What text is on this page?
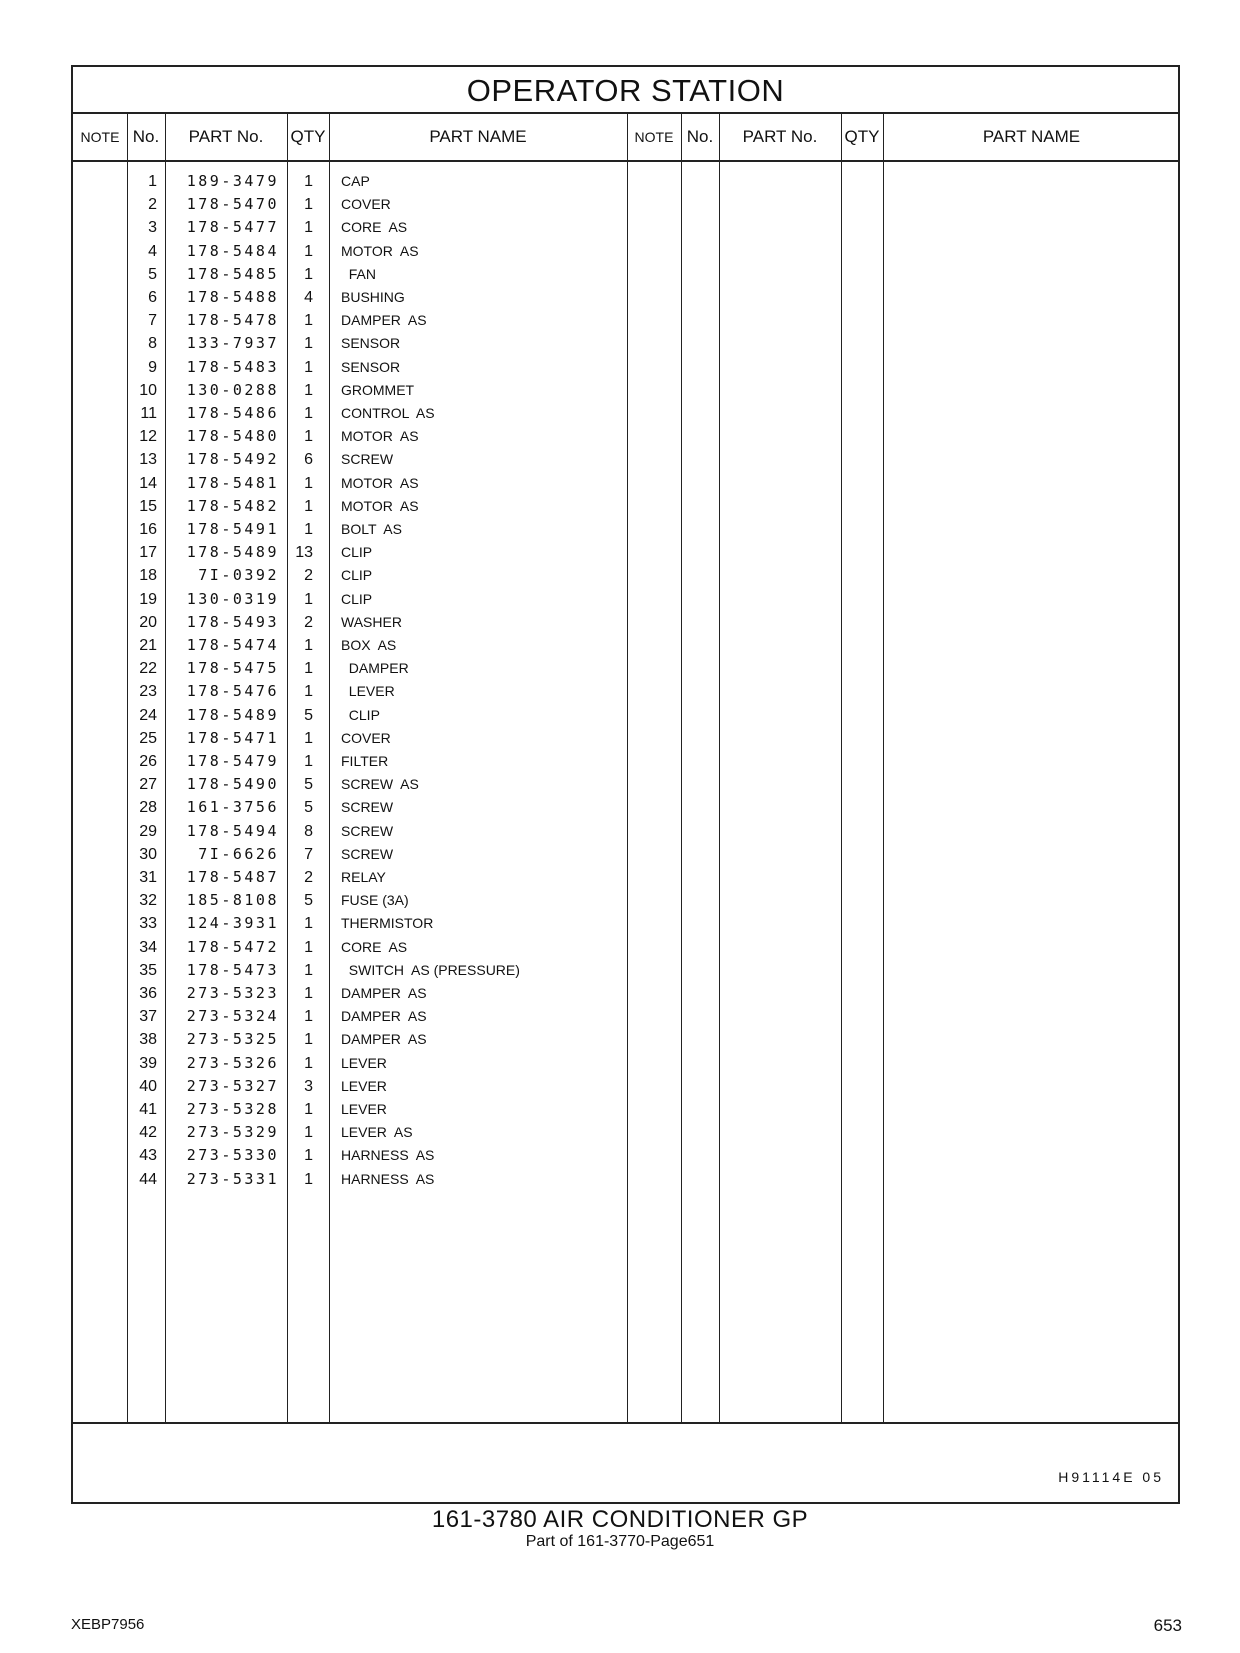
OPERATOR STATION
NOTE No.	PART No.	QTY	PART NAME	NOTE No.	PART No.	QTY	PART NAME
1	189-3479	1 CAP
2	178-5470	1 COVER
3	178-5477	1 CORE  AS
4	178-5484	1 MOTOR  AS
5	178-5485	1 FAN
6	178-5488	4 BUSHING
7	178-5478	1 DAMPER  AS
8	133-7937	1 SENSOR
9	178-5483	1 SENSOR
10	130-0288	1 GROMMET
11	178-5486	1 CONTROL  AS
12	178-5480	1 MOTOR  AS
13	178-5492	6 SCREW
14	178-5481	1 MOTOR  AS
15	178-5482	1 MOTOR  AS
16	178-5491	1 BOLT  AS
17	178-5489	13 CLIP
18	7I-0392	2 CLIP
19	130-0319	1 CLIP
20	178-5493	2 WASHER
21	178-5474	1 BOX  AS
22	178-5475	1 DAMPER
23	178-5476	1 LEVER
24	178-5489	5 CLIP
25	178-5471	1 COVER
26	178-5479	1 FILTER
27	178-5490	5 SCREW  AS
28	161-3756	5 SCREW
29	178-5494	8 SCREW
30	7I-6626	7 SCREW
31	178-5487	2 RELAY
32	185-8108	5 FUSE (3A)
33	124-3931	1 THERMISTOR
34	178-5472	1 CORE  AS
35	178-5473	1 SWITCH  AS (PRESSURE)
36	273-5323	1 DAMPER  AS
37	273-5324	1 DAMPER  AS
38	273-5325	1 DAMPER  AS
39	273-5326	1 LEVER
40	273-5327	3 LEVER
41	273-5328	1 LEVER
42	273-5329	1 LEVER  AS
43	273-5330	1 HARNESS  AS
44	273-5331	1 HARNESS  AS
H91114E 05
161-3780 AIR CONDITIONER GP
Part of 161-3770-Page651
XEBP7956	653
